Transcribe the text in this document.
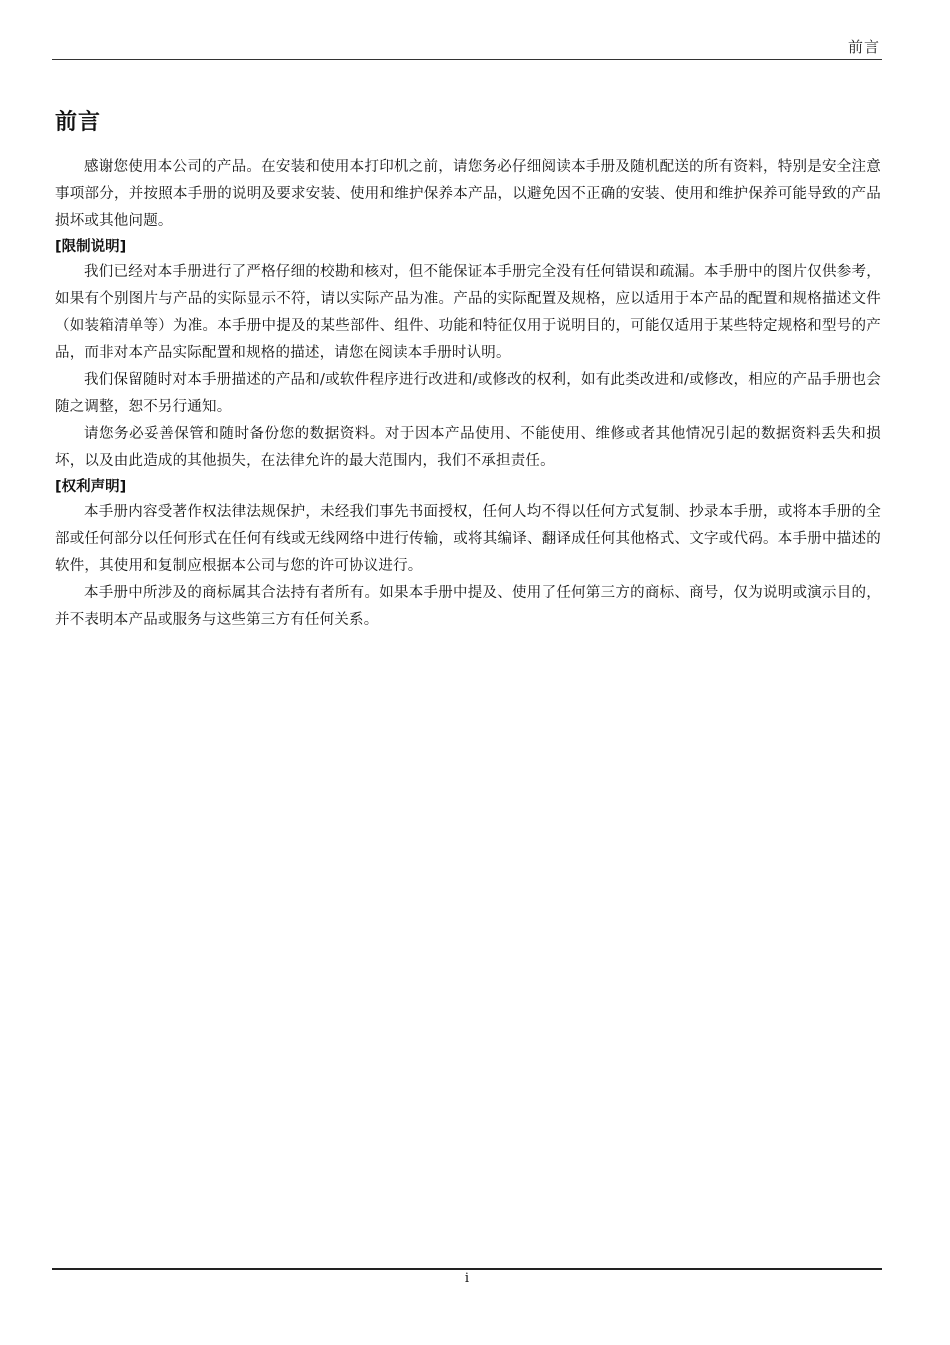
前言
前言

感谢您使用本公司的产品。在安装和使用本打印机之前，请您务必仔细阅读本手册及随机配送的所有资料，特别是安全注意事项部分，并按照本手册的说明及要求安装、使用和维护保养本产品，以避免因不正确的安装、使用和维护保养可能导致的产品损坏或其他问题。

[限制说明]

我们已经对本手册进行了严格仔细的校勘和核对，但不能保证本手册完全没有任何错误和疏漏。本手册中的图片仅供参考，如果有个别图片与产品的实际显示不符，请以实际产品为准。产品的实际配置及规格，应以适用于本产品的配置和规格描述文件（如装箱清单等）为准。本手册中提及的某些部件、组件、功能和特征仅用于说明目的，可能仅适用于某些特定规格和型号的产品，而非对本产品实际配置和规格的描述，请您在阅读本手册时认明。

我们保留随时对本手册描述的产品和/或软件程序进行改进和/或修改的权利，如有此类改进和/或修改，相应的产品手册也会随之调整，恕不另行通知。

请您务必妥善保管和随时备份您的数据资料。对于因本产品使用、不能使用、维修或者其他情况引起的数据资料丢失和损坏，以及由此造成的其他损失，在法律允许的最大范围内，我们不承担责任。

[权利声明]

本手册内容受著作权法律法规保护，未经我们事先书面授权，任何人均不得以任何方式复制、抄录本手册，或将本手册的全部或任何部分以任何形式在任何有线或无线网络中进行传输，或将其编译、翻译成任何其他格式、文字或代码。本手册中描述的软件，其使用和复制应根据本公司与您的许可协议进行。

本手册中所涉及的商标属其合法持有者所有。如果本手册中提及、使用了任何第三方的商标、商号，仅为说明或演示目的，并不表明本产品或服务与这些第三方有任何关系。

i
